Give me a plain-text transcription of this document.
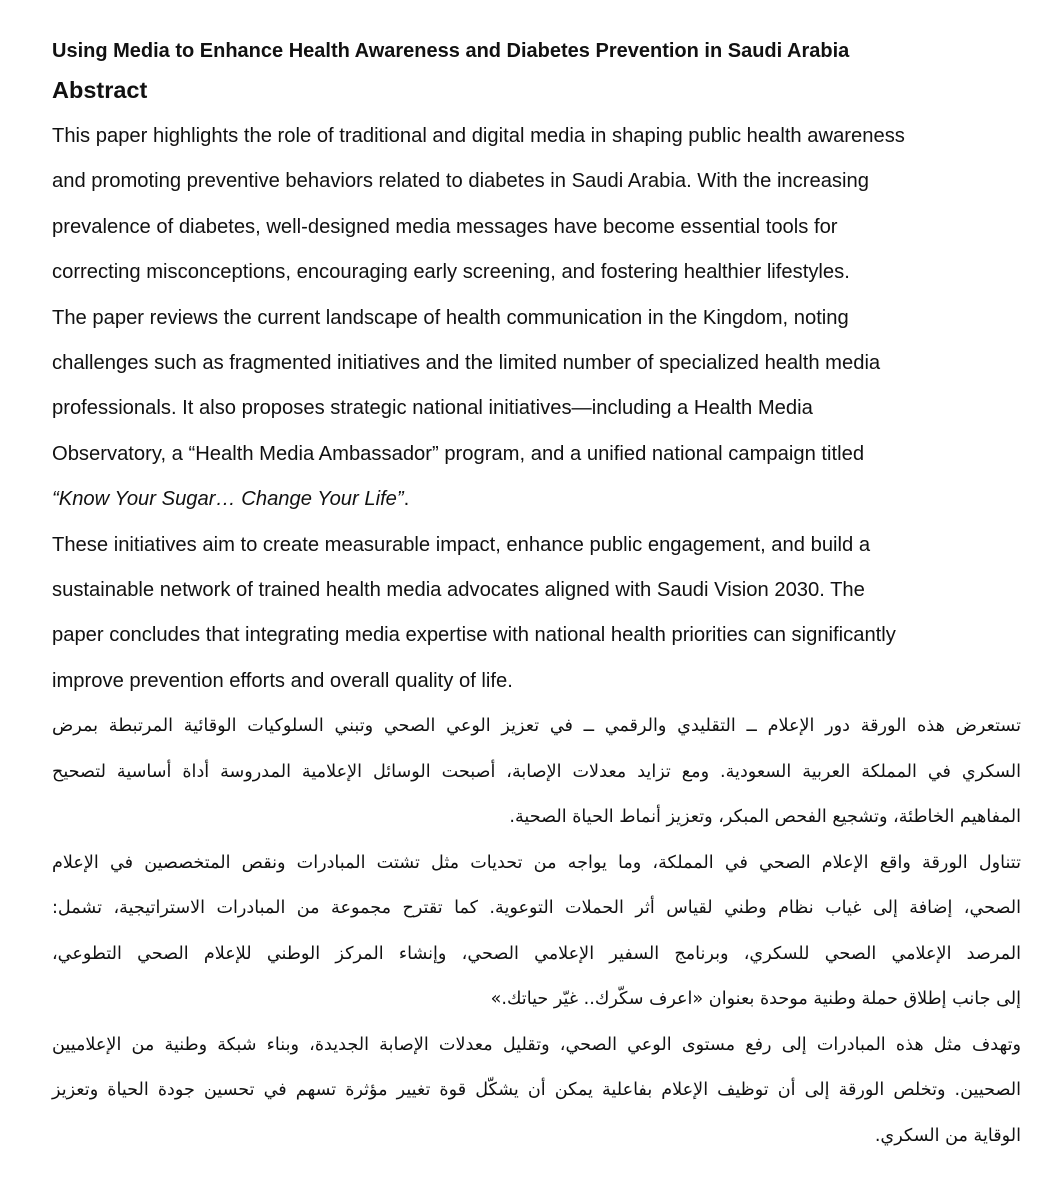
Using Media to Enhance Health Awareness and Diabetes Prevention in Saudi Arabia
Abstract
This paper highlights the role of traditional and digital media in shaping public health awareness
and promoting preventive behaviors related to diabetes in Saudi Arabia. With the increasing
prevalence of diabetes, well-designed media messages have become essential tools for
correcting misconceptions, encouraging early screening, and fostering healthier lifestyles.
The paper reviews the current landscape of health communication in the Kingdom, noting
challenges such as fragmented initiatives and the limited number of specialized health media
professionals. It also proposes strategic national initiatives—including a Health Media
Observatory, a “Health Media Ambassador” program, and a unified national campaign titled
“Know Your Sugar… Change Your Life”.
These initiatives aim to create measurable impact, enhance public engagement, and build a
sustainable network of trained health media advocates aligned with Saudi Vision 2030. The
paper concludes that integrating media expertise with national health priorities can significantly
improve prevention efforts and overall quality of life.
تستعرض هذه الورقة دور الإعلام ــ التقليدي والرقمي ــ في تعزيز الوعي الصحي وتبني السلوكيات الوقائية المرتبطة بمرض
السكري في المملكة العربية السعودية. ومع تزايد معدلات الإصابة، أصبحت الوسائل الإعلامية المدروسة أداة أساسية لتصحيح
المفاهيم الخاطئة، وتشجيع الفحص المبكر، وتعزيز أنماط الحياة الصحية.
تتناول الورقة واقع الإعلام الصحي في المملكة، وما يواجه من تحديات مثل تشتت المبادرات ونقص المتخصصين في الإعلام
الصحي، إضافة إلى غياب نظام وطني لقياس أثر الحملات التوعوية. كما تقترح مجموعة من المبادرات الاستراتيجية، تشمل:
المرصد الإعلامي الصحي للسكري، وبرنامج السفير الإعلامي الصحي، وإنشاء المركز الوطني للإعلام الصحي التطوعي،
إلى جانب إطلاق حملة وطنية موحدة بعنوان «اعرف سكّرك.. غيّر حياتك.»
وتهدف مثل هذه المبادرات إلى رفع مستوى الوعي الصحي، وتقليل معدلات الإصابة الجديدة، وبناء شبكة وطنية من الإعلاميين
الصحيين. وتخلص الورقة إلى أن توظيف الإعلام بفاعلية يمكن أن يشكّل قوة تغيير مؤثرة تسهم في تحسين جودة الحياة وتعزيز
الوقاية من السكري.
